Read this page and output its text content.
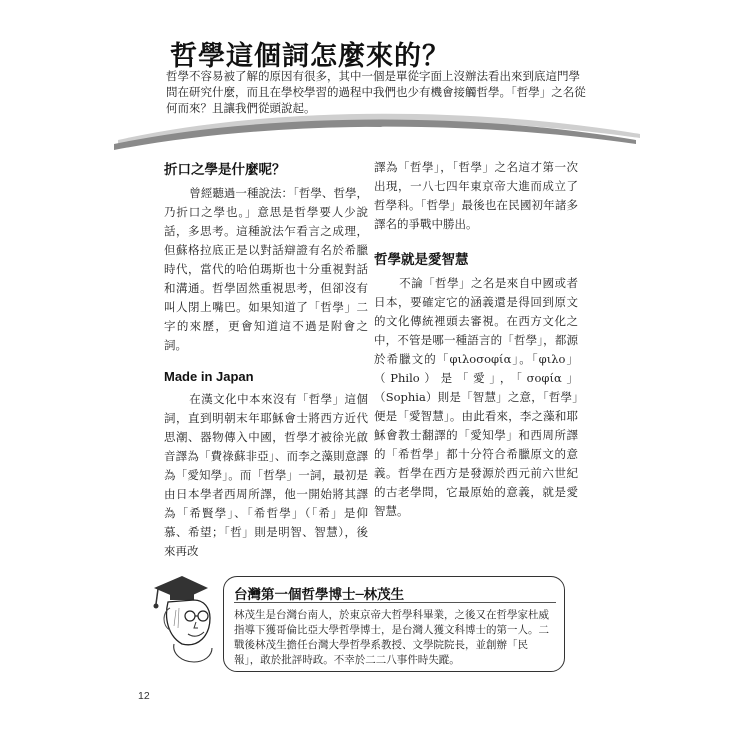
哲學這個詞怎麼來的？

哲學不容易被了解的原因有很多，其中一個是單從字面上沒辦法看出來到底這門學問在研究什麼，而且在學校學習的過程中我們也少有機會接觸哲學。「哲學」之名從何而來？且讓我們從頭說起。

折口之學是什麼呢？

曾經聽過一種說法：「哲學、哲學，乃折口之學也。」意思是哲學要人少說話，多思考。這種說法乍看言之成理，但蘇格拉底正是以對話辯證有名於希臘時代，當代的哈伯瑪斯也十分重視對話和溝通。哲學固然重視思考，但卻沒有叫人閉上嘴巴。如果知道了「哲學」二字的來歷，更會知道這不過是附會之詞。

Made in Japan

在漢文化中本來沒有「哲學」這個詞，直到明朝末年耶穌會士將西方近代思潮、器物傳入中國，哲學才被徐光啟音譯為「費祿蘇非亞」、而李之藻則意譯為「愛知學」。而「哲學」一詞，最初是由日本學者西周所譯，他一開始將其譯為「希賢學」、「希哲學」（「希」是仰慕、希望；「哲」則是明智、智慧），後來再改

譯為「哲學」，「哲學」之名這才第一次出現，一八七四年東京帝大進而成立了哲學科。「哲學」最後也在民國初年諸多譯名的爭戰中勝出。

哲學就是愛智慧

不論「哲學」之名是來自中國或者日本，要確定它的涵義還是得回到原文的文化傳統裡頭去審視。在西方文化之中，不管是哪一種語言的「哲學」，都源於希臘文的「φιλοσοφία」。「φιλο」（Philo）是「愛」，「σοφία」（Sophia）則是「智慧」之意，「哲學」便是「愛智慧」。由此看來，李之藻和耶穌會教士翻譯的「愛知學」和西周所譯的「希哲學」都十分符合希臘原文的意義。哲學在西方是發源於西元前六世紀的古老學問，它最原始的意義，就是愛智慧。

台灣第一個哲學博士─林茂生

林茂生是台灣台南人，於東京帝大哲學科畢業，之後又在哲學家杜威指導下獲哥倫比亞大學哲學博士，是台灣人獲文科博士的第一人。二戰後林茂生擔任台灣大學哲學系教授、文學院院長，並創辦「民報」，敢於批評時政。不幸於二二八事件時失蹤。

12
